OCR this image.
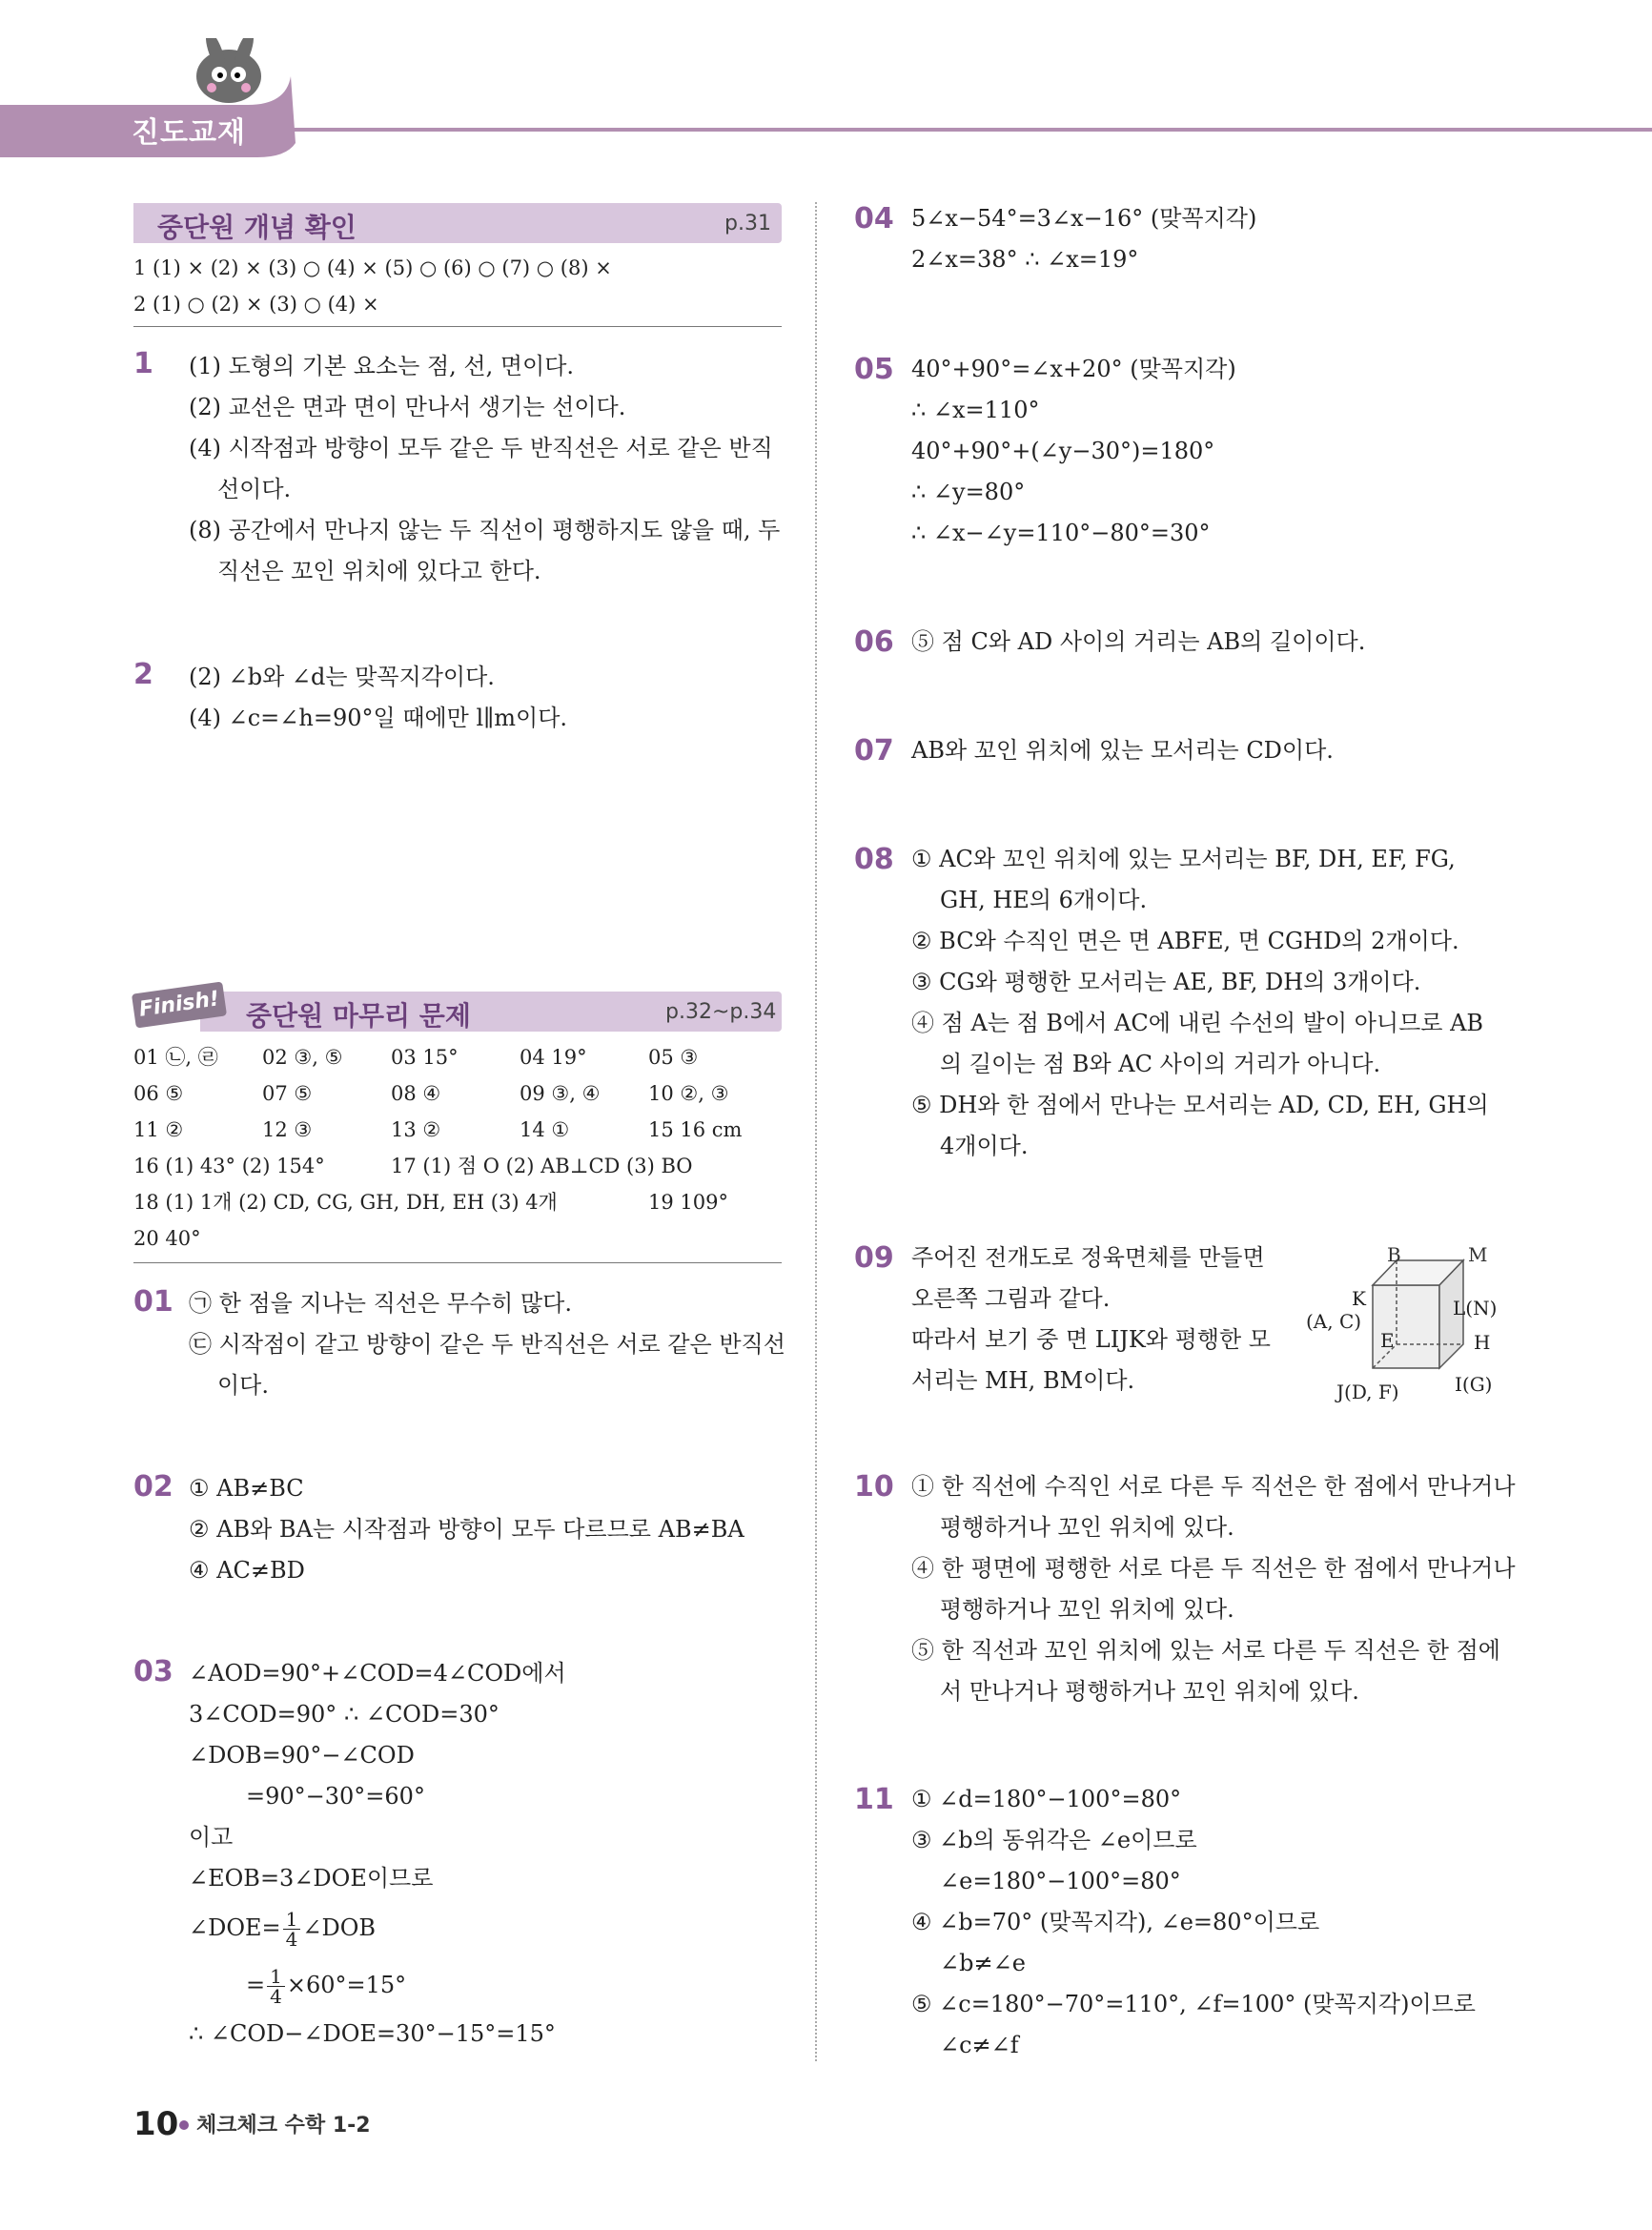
진도교재
중단원 개념 확인	p.31
1 (1) × (2) × (3) ○ (4) × (5) ○ (6) ○ (7) ○ (8) ×
2 (1) ○ (2) × (3) ○ (4) ×
1 (1) 도형의 기본 요소는 점, 선, 면이다.
(2) 교선은 면과 면이 만나서 생기는 선이다.
(4) 시작점과 방향이 모두 같은 두 반직선은 서로 같은 반직
선이다.
(8) 공간에서 만나지 않는 두 직선이 평행하지도 않을 때, 두
직선은 꼬인 위치에 있다고 한다.
2 (2) ∠b와 ∠d는 맞꼭지각이다.
(4) ∠c=∠h=90°일 때에만 l∥m이다.
Finish! 중단원 마무리 문제	p.32~p.34
01 ㉡, ㉣	02 ③, ⑤	03 15°	04 19°	05 ③
06 ⑤	07 ⑤	08 ④	09 ③, ④	10 ②, ③
11 ②	12 ③	13 ②	14 ①	15 16 cm
16 (1) 43° (2) 154°	17 (1) 점 O (2) AB⊥CD (3) BO
18 (1) 1개 (2) CD, CG, GH, DH, EH (3) 4개	19 109°
20 40°
01 ㉠ 한 점을 지나는 직선은 무수히 많다.
㉢ 시작점이 같고 방향이 같은 두 반직선은 서로 같은 반직선
이다.
02 ① AB≠BC
② AB와 BA는 시작점과 방향이 모두 다르므로 AB≠BA
④ AC≠BD
03 ∠AOD=90°+∠COD=4∠COD에서
3∠COD=90° ∴ ∠COD=30°
∠DOB=90°−∠COD
=90°−30°=60°
이고
∠EOB=3∠DOE이므로
∠DOE= $\frac{1}{4}$ ∠DOB
= $\frac{1}{4} \times 60^\circ=15^\circ$
∴ ∠COD−∠DOE=30°−15°=15°
04 5∠x−54°=3∠x−16° (맞꼭지각)
2∠x=38° ∴ ∠x=19°
05 40°+90°=∠x+20° (맞꼭지각)
∴ ∠x=110°
40°+90°+(∠y−30°)=180°
∴ ∠y=80°
∴ ∠x−∠y=110°−80°=30°
06 ⑤ 점 C와 AD 사이의 거리는 AB의 길이이다.
07 AB와 꼬인 위치에 있는 모서리는 CD이다.
08 ① AC와 꼬인 위치에 있는 모서리는 BF, DH, EF, FG,
GH, HE의 6개이다.
② BC와 수직인 면은 면 ABFE, 면 CGHD의 2개이다.
③ CG와 평행한 모서리는 AE, BF, DH의 3개이다.
④ 점 A는 점 B에서 AC에 내린 수선의 발이 아니므로 AB
의 길이는 점 B와 AC 사이의 거리가 아니다.
⑤ DH와 한 점에서 만나는 모서리는 AD, CD, EH, GH의
4개이다.
09 주어진 전개도로 정육면체를 만들면
오른쪽 그림과 같다.
따라서 보기 중 면 LIJK와 평행한 모
서리는 MH, BM이다.
B	M
K
(A, C)
L(N)
E	H
J(D, F)	I(G)
10 ① 한 직선에 수직인 서로 다른 두 직선은 한 점에서 만나거나
평행하거나 꼬인 위치에 있다.
④ 한 평면에 평행한 서로 다른 두 직선은 한 점에서 만나거나
평행하거나 꼬인 위치에 있다.
⑤ 한 직선과 꼬인 위치에 있는 서로 다른 두 직선은 한 점에
서 만나거나 평행하거나 꼬인 위치에 있다.
11 ① ∠d=180°−100°=80°
③ ∠b의 동위각은 ∠e이므로
∠e=180°−100°=80°
④ ∠b=70° (맞꼭지각), ∠e=80°이므로
∠b≠∠e
⑤ ∠c=180°−70°=110°, ∠f=100° (맞꼭지각)이므로
∠c≠∠f
10 체크체크 수학 1-2
